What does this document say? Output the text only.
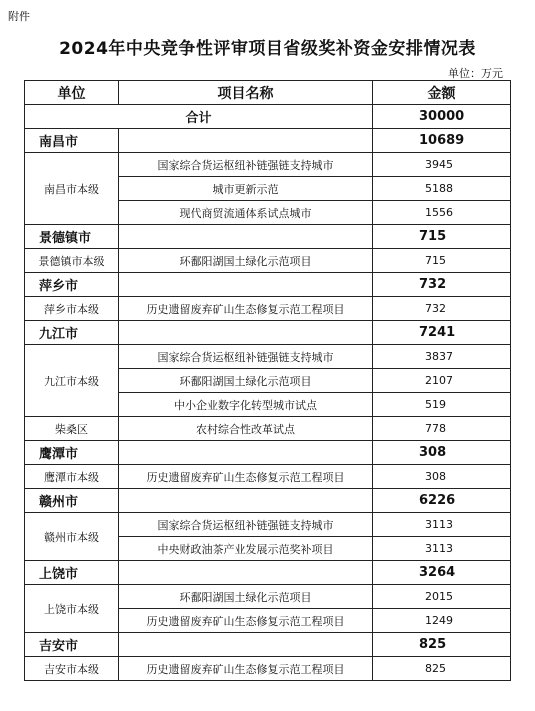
附件
2024年中央竞争性评审项目省级奖补资金安排情况表
单位：万元
单位	项目名称	金额
合计		30000
南昌市		10689
南昌市本级	国家综合货运枢纽补链强链支持城市	3945
	城市更新示范	5188
	现代商贸流通体系试点城市	1556
景德镇市		715
景德镇市本级	环鄱阳湖国土绿化示范项目	715
萍乡市		732
萍乡市本级	历史遗留废弃矿山生态修复示范工程项目	732
九江市		7241
九江市本级	国家综合货运枢纽补链强链支持城市	3837
	环鄱阳湖国土绿化示范项目	2107
	中小企业数字化转型城市试点	519
柴桑区	农村综合性改革试点	778
鹰潭市		308
鹰潭市本级	历史遗留废弃矿山生态修复示范工程项目	308
赣州市		6226
赣州市本级	国家综合货运枢纽补链强链支持城市	3113
	中央财政油茶产业发展示范奖补项目	3113
上饶市		3264
上饶市本级	环鄱阳湖国土绿化示范项目	2015
	历史遗留废弃矿山生态修复示范工程项目	1249
吉安市		825
吉安市本级	历史遗留废弃矿山生态修复示范工程项目	825
